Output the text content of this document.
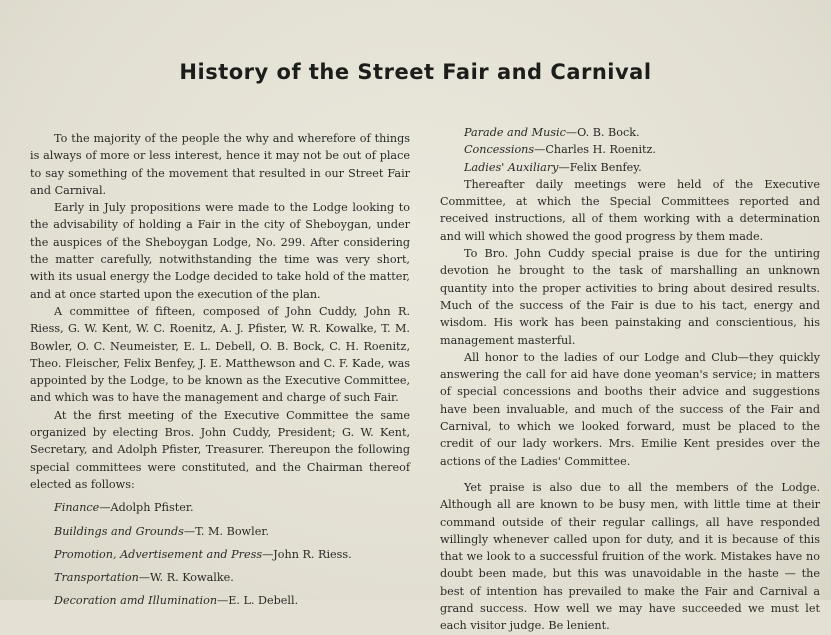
History of the Street Fair and Carnival

To the majority of the people the why and wherefore of things is always of more or less interest, hence it may not be out of place to say something of the movement that resulted in our Street Fair and Carnival.

Early in July propositions were made to the Lodge looking to the advisability of holding a Fair in the city of Sheboygan, under the auspices of the Sheboygan Lodge, No. 299. After considering the matter carefully, notwithstanding the time was very short, with its usual energy the Lodge decided to take hold of the matter, and at once started upon the execution of the plan.

A committee of fifteen, composed of John Cuddy, John R. Riess, G. W. Kent, W. C. Roenitz, A. J. Pfister, W. R. Kowalke, T. M. Bowler, O. C. Neumeister, E. L. Debell, O. B. Bock, C. H. Roenitz, Theo. Fleischer, Felix Benfey, J. E. Matthewson and C. F. Kade, was appointed by the Lodge, to be known as the Executive Committee, and which was to have the management and charge of such Fair.

At the first meeting of the Executive Committee the same organized by electing Bros. John Cuddy, President; G. W. Kent, Secretary, and Adolph Pfister, Treasurer. Thereupon the following special committees were constituted, and the Chairman thereof elected as follows:

Finance—Adolph Pfister.

Buildings and Grounds—T. M. Bowler.

Promotion, Advertisement and Press—John R. Riess.

Transportation—W. R. Kowalke.

Decoration amd Illumination—E. L. Debell.

Parade and Music—O. B. Bock.

Concessions—Charles H. Roenitz.

Ladies' Auxiliary—Felix Benfey.

Thereafter daily meetings were held of the Executive Committee, at which the Special Committees reported and received instructions, all of them working with a determination and will which showed the good progress by them made.

To Bro. John Cuddy special praise is due for the untiring devotion he brought to the task of marshalling an unknown quantity into the proper activities to bring about desired results. Much of the success of the Fair is due to his tact, energy and wisdom. His work has been painstaking and conscientious, his management masterful.

All honor to the ladies of our Lodge and Club—they quickly answering the call for aid have done yeoman's service; in matters of special concessions and booths their advice and suggestions have been invaluable, and much of the success of the Fair and Carnival, to which we looked forward, must be placed to the credit of our lady workers. Mrs. Emilie Kent presides over the actions of the Ladies' Committee.

Yet praise is also due to all the members of the Lodge. Although all are known to be busy men, with little time at their command outside of their regular callings, all have responded willingly whenever called upon for duty, and it is because of this that we look to a successful fruition of the work. Mistakes have no doubt been made, but this was unavoidable in the haste — the best of intention has prevailed to make the Fair and Carnival a grand success. How well we may have succeeded we must let each visitor judge. Be lenient.
